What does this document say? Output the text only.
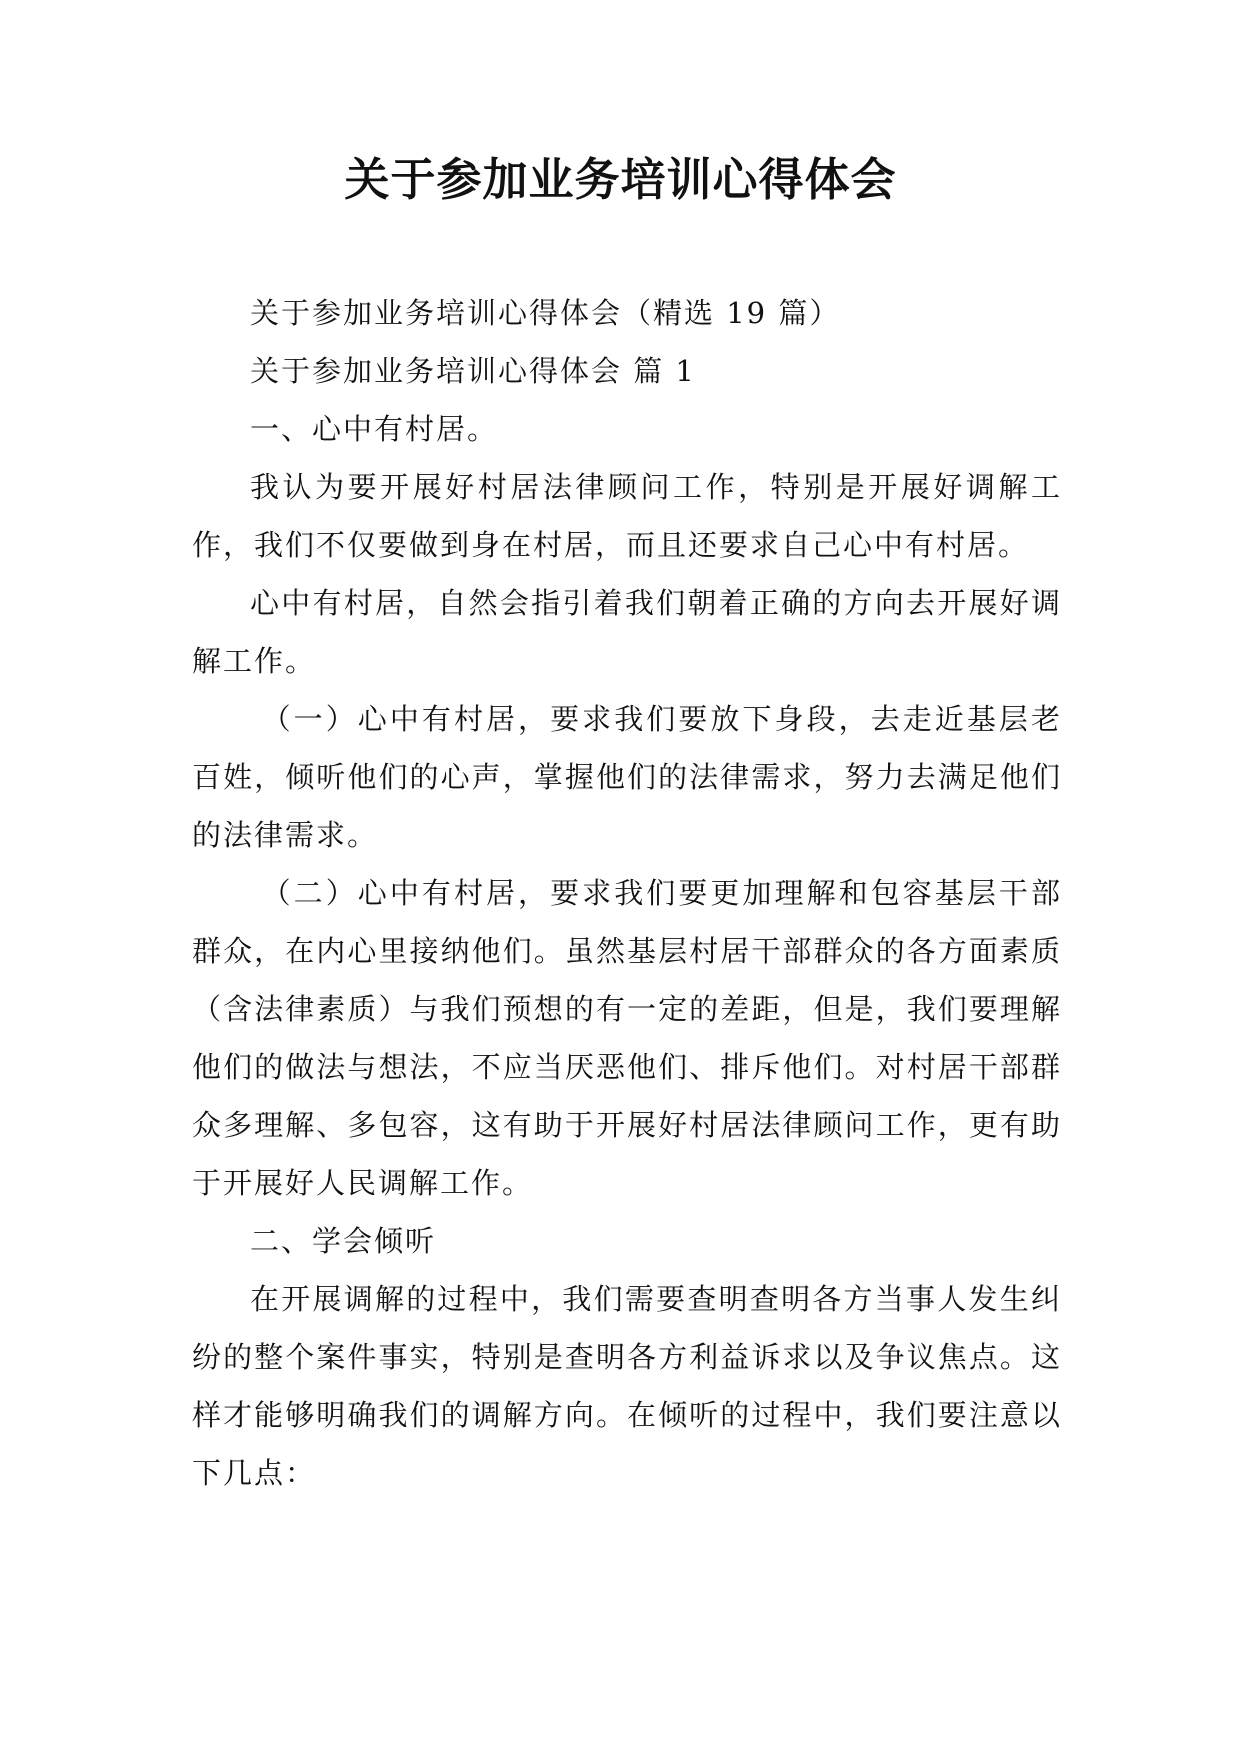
关于参加业务培训心得体会

关于参加业务培训心得体会（精选 19 篇）

关于参加业务培训心得体会 篇 1

一、心中有村居。

我认为要开展好村居法律顾问工作，特别是开展好调解工作，我们不仅要做到身在村居，而且还要求自己心中有村居。

心中有村居，自然会指引着我们朝着正确的方向去开展好调解工作。

（一）心中有村居，要求我们要放下身段，去走近基层老百姓，倾听他们的心声，掌握他们的法律需求，努力去满足他们的法律需求。

（二）心中有村居，要求我们要更加理解和包容基层干部群众，在内心里接纳他们。虽然基层村居干部群众的各方面素质（含法律素质）与我们预想的有一定的差距，但是，我们要理解他们的做法与想法，不应当厌恶他们、排斥他们。对村居干部群众多理解、多包容，这有助于开展好村居法律顾问工作，更有助于开展好人民调解工作。

二、学会倾听

在开展调解的过程中，我们需要查明查明各方当事人发生纠纷的整个案件事实，特别是查明各方利益诉求以及争议焦点。这样才能够明确我们的调解方向。在倾听的过程中，我们要注意以下几点：
